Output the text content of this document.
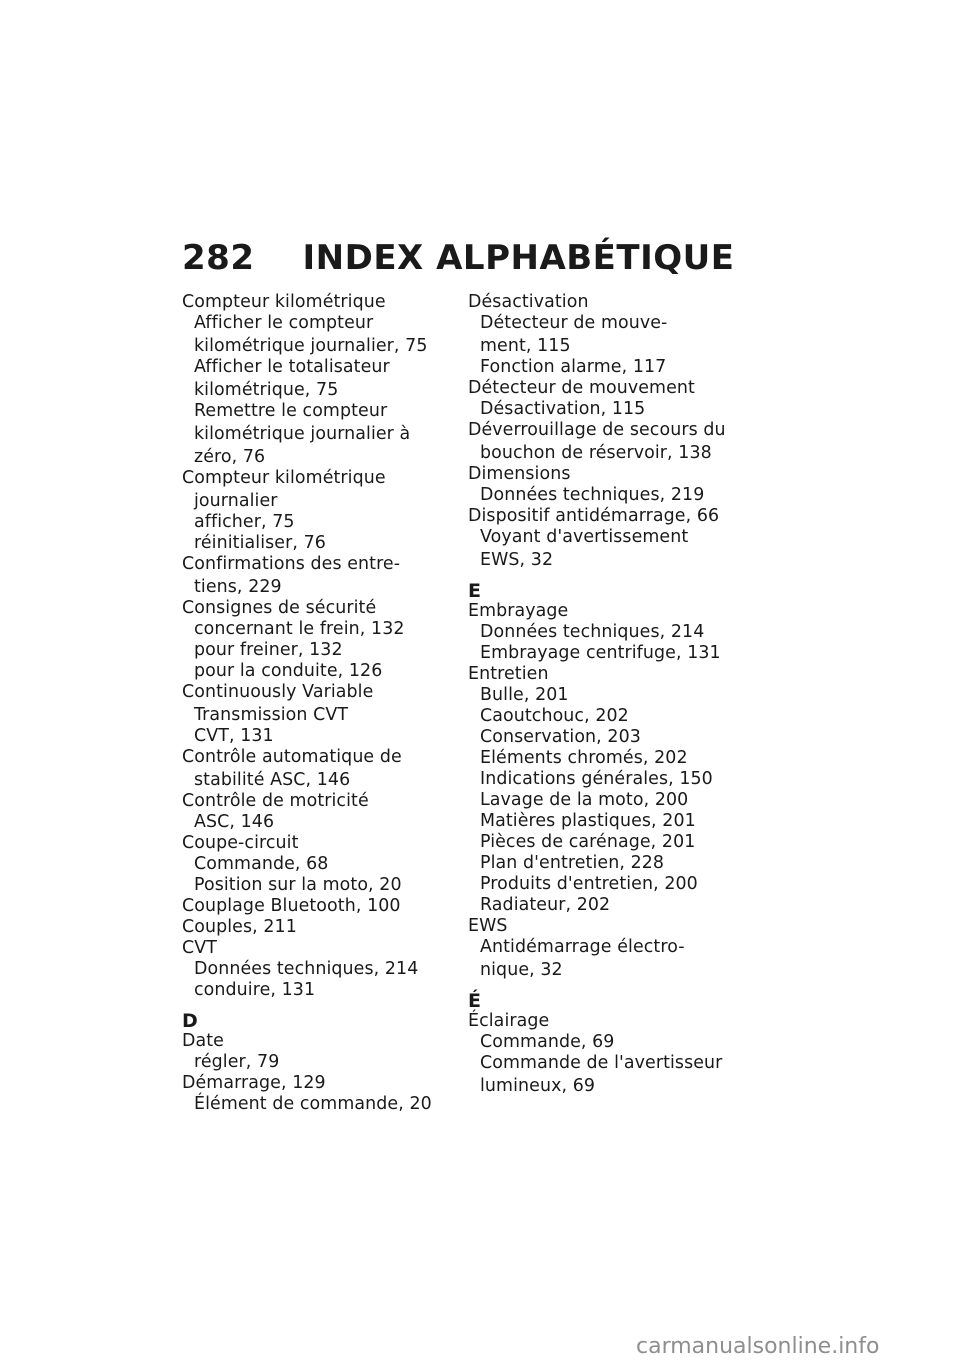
282 INDEX ALPHABÉTIQUE
Compteur kilométrique
Afficher le compteur
kilométrique journalier, 75
Afficher le totalisateur
kilométrique, 75
Remettre le compteur
kilométrique journalier à
zéro, 76
Compteur kilométrique
journalier
afficher, 75
réinitialiser, 76
Confirmations des entre-
tiens, 229
Consignes de sécurité
concernant le frein, 132
pour freiner, 132
pour la conduite, 126
Continuously Variable
Transmission CVT
CVT, 131
Contrôle automatique de
stabilité ASC, 146
Contrôle de motricité
ASC, 146
Coupe-circuit
Commande, 68
Position sur la moto, 20
Couplage Bluetooth, 100
Couples, 211
CVT
Données techniques, 214
conduire, 131
D
Date
régler, 79
Démarrage, 129
Élément de commande, 20
Désactivation
Détecteur de mouve-
ment, 115
Fonction alarme, 117
Détecteur de mouvement
Désactivation, 115
Déverrouillage de secours du
bouchon de réservoir, 138
Dimensions
Données techniques, 219
Dispositif antidémarrage, 66
Voyant d'avertissement
EWS, 32
E
Embrayage
Données techniques, 214
Embrayage centrifuge, 131
Entretien
Bulle, 201
Caoutchouc, 202
Conservation, 203
Eléments chromés, 202
Indications générales, 150
Lavage de la moto, 200
Matières plastiques, 201
Pièces de carénage, 201
Plan d'entretien, 228
Produits d'entretien, 200
Radiateur, 202
EWS
Antidémarrage électro-
nique, 32
É
Éclairage
Commande, 69
Commande de l'avertisseur
lumineux, 69
carmanualsonline.info
